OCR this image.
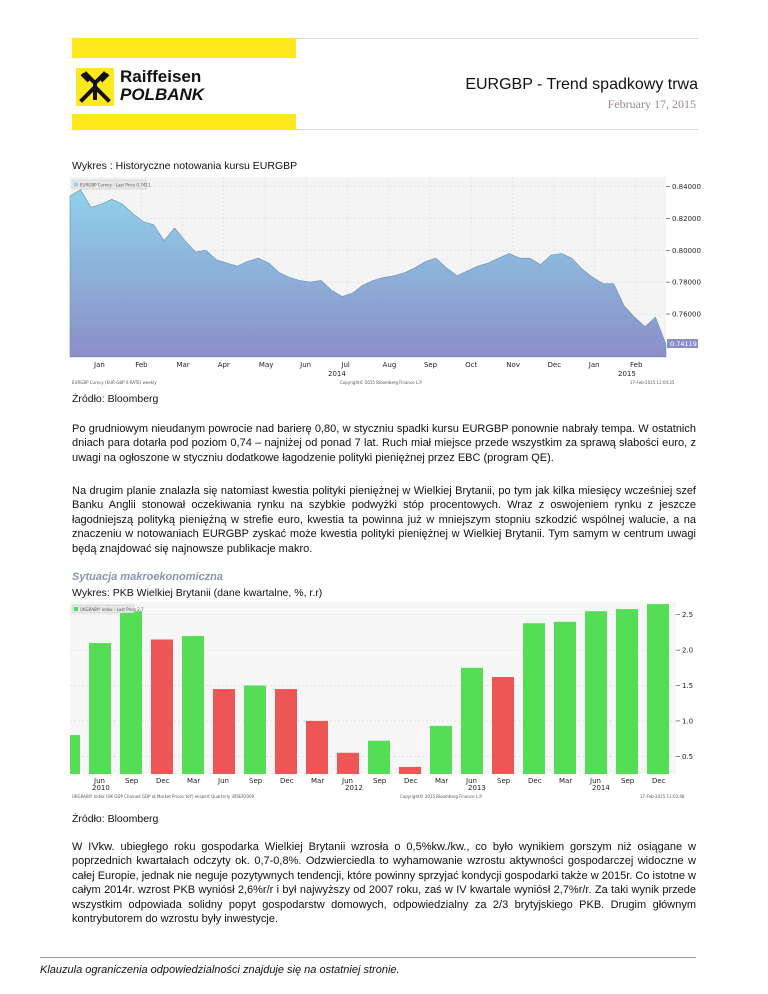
Raiffeisen
POLBANK
EURGBP - Trend spadkowy trwa
February 17, 2015
Wykres : Historyczne notowania kursu EURGBP
0.84000
0.82000
0.80000
0.78000
0.76000
Jan	Feb	Mar	Apr	May	Jun	Jul	Aug	Sep	Oct	Nov	Dec	Jan	Feb
EURGBP Curncy - Last Price 0.7411
0.74119
2014	2015
EURGBP Curncy (EUR-GBP X-RATE) weekly	Copyright© 2015 Bloomberg Finance L.P.	17-Feb-2015 11:04:25
Źródło: Bloomberg
Po grudniowym nieudanym powrocie nad barierę 0,80, w styczniu spadki kursu EURGBP ponownie nabrały tempa. W ostatnich dniach para dotarła pod poziom 0,74 – najniżej od ponad 7 lat. Ruch miał miejsce przede wszystkim za sprawą słabości euro, z uwagi na ogłoszone w styczniu dodatkowe łagodzenie polityki pieniężnej przez EBC (program QE).
Na drugim planie znalazła się natomiast kwestia polityki pieniężnej w Wielkiej Brytanii, po tym jak kilka miesięcy wcześniej szef Banku Anglii stonował oczekiwania rynku na szybkie podwyżki stóp procentowych. Wraz z oswojeniem rynku z jeszcze łagodniejszą polityką pieniężną w strefie euro, kwestia ta powinna już w mniejszym stopniu szkodzić wspólnej walucie, a na znaczeniu w notowaniach EURGBP zyskać może kwestia polityki pieniężnej w Wielkiej Brytanii. Tym samym w centrum uwagi będą znajdować się najnowsze publikacje makro.
Sytuacja makroekonomiczna
Wykres: PKB Wielkiej Brytanii (dane kwartalne, %, r.r)
0.5
1.0
1.5
2.0
2.5
Jun	Sep	Dec Mar	Jun	Sep	Dec Mar	Jun	Sep	Dec Mar	Jun	Sep	Dec Mar	Jun	Sep	Dec
UKGRABIY Index - Last Price 2.7
2010	2012	2013	2014
UKGRABIY Index (UK GDP Chained GDP at Market Prices YoY) ekspert Quarterly 30SEP2009	Copyright© 2015 Bloomberg Finance L.P.	17-Feb-2015 11:03:48
Źródło: Bloomberg
W IVkw. ubiegłego roku gospodarka Wielkiej Brytanii wzrosła o 0,5%kw./kw., co było wynikiem gorszym niż osiągane w poprzednich kwartałach odczyty ok. 0,7-0,8%. Odzwierciedla to wyhamowanie wzrostu aktywności gospodarczej widoczne w całej Europie, jednak nie neguje pozytywnych tendencji, które powinny sprzyjać kondycji gospodarki także w 2015r. Co istotne w całym 2014r. wzrost PKB wyniósł 2,6%r/r i był najwyższy od 2007 roku, zaś w IV kwartale wyniósł 2,7%r/r. Za taki wynik przede wszystkim odpowiada solidny popyt gospodarstw domowych, odpowiedzialny za 2/3 brytyjskiego PKB. Drugim głównym kontrybutorem do wzrostu były inwestycje.
Klauzula ograniczenia odpowiedzialności znajduje się na ostatniej stronie.
